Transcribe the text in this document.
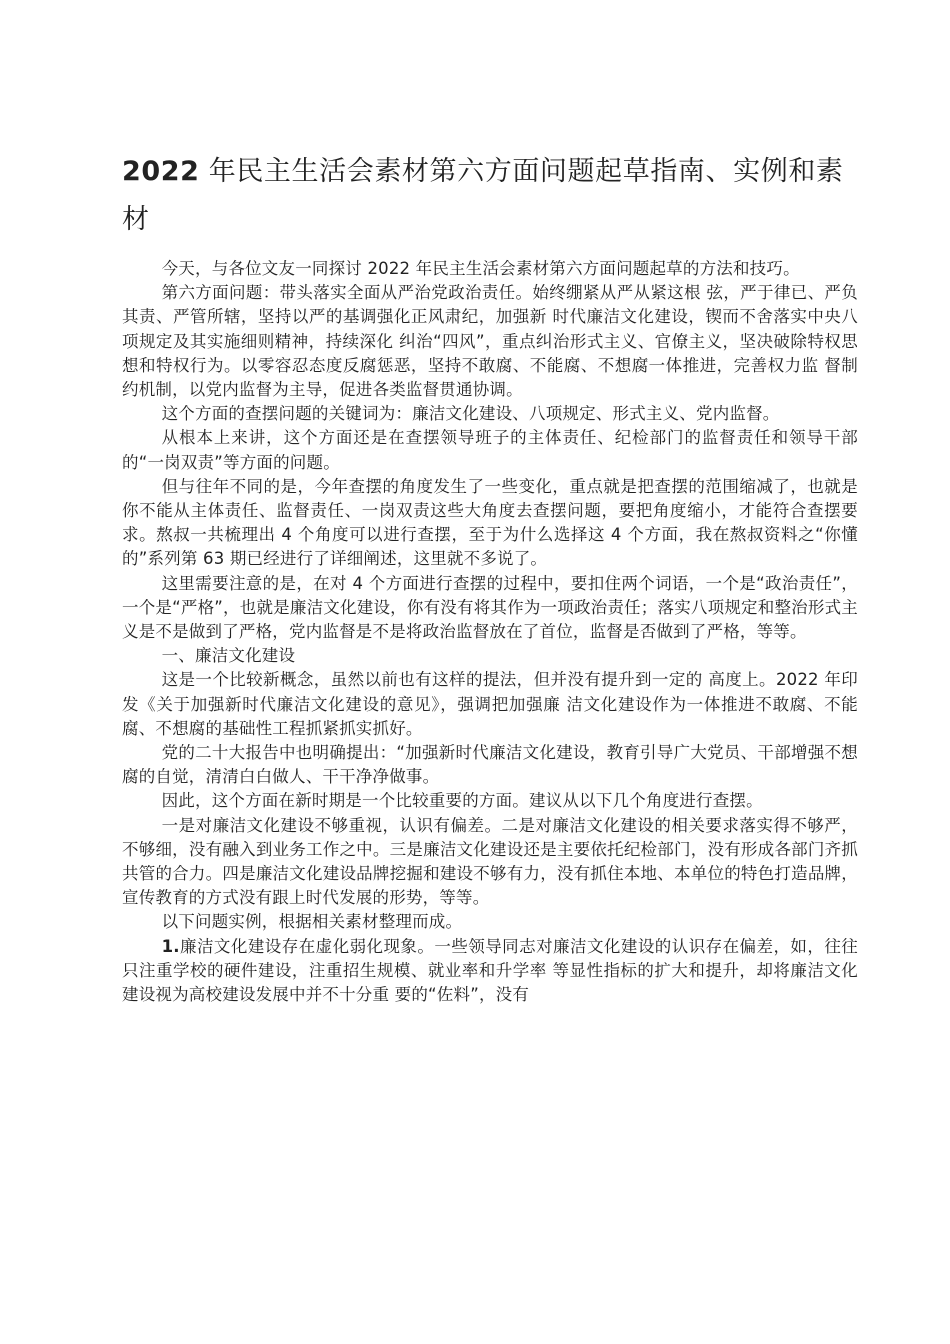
2022 年民主生活会素材第六方面问题起草指南、实例和素材

今天，与各位文友一同探讨 2022 年民主生活会素材第六方面问题起草的方法和技巧。

第六方面问题：带头落实全面从严治党政治责任。始终绷紧从严从紧这根 弦，严于律已、严负其责、严管所辖，坚持以严的基调强化正风肃纪，加强新 时代廉洁文化建设，锲而不舍落实中央八项规定及其实施细则精神，持续深化 纠治“四风”，重点纠治形式主义、官僚主义，坚决破除特权思想和特权行为。以零容忍态度反腐惩恶，坚持不敢腐、不能腐、不想腐一体推进，完善权力监 督制约机制，以党内监督为主导，促进各类监督贯通协调。

这个方面的查摆问题的关键词为：廉洁文化建设、八项规定、形式主义、党内监督。

从根本上来讲，这个方面还是在查摆领导班子的主体责任、纪检部门的监督责任和领导干部的“一岗双责”等方面的问题。

但与往年不同的是，今年查摆的角度发生了一些变化，重点就是把查摆的范围缩减了，也就是你不能从主体责任、监督责任、一岗双责这些大角度去查摆问题，要把角度缩小，才能符合查摆要求。熬叔一共梳理出 4 个角度可以进行查摆，至于为什么选择这 4 个方面，我在熬叔资料之“你懂的”系列第 63 期已经进行了详细阐述，这里就不多说了。

这里需要注意的是，在对 4 个方面进行查摆的过程中，要扣住两个词语，一个是“政治责任”，一个是“严格”，也就是廉洁文化建设，你有没有将其作为一项政治责任；落实八项规定和整治形式主义是不是做到了严格，党内监督是不是将政治监督放在了首位，监督是否做到了严格，等等。

一、廉洁文化建设

这是一个比较新概念，虽然以前也有这样的提法，但并没有提升到一定的 高度上。2022 年印发《关于加强新时代廉洁文化建设的意见》，强调把加强廉 洁文化建设作为一体推进不敢腐、不能腐、不想腐的基础性工程抓紧抓实抓好。

党的二十大报告中也明确提出：“加强新时代廉洁文化建设，教育引导广大党员、干部增强不想腐的自觉，清清白白做人、干干净净做事。

因此，这个方面在新时期是一个比较重要的方面。建议从以下几个角度进行查摆。

一是对廉洁文化建设不够重视，认识有偏差。二是对廉洁文化建设的相关要求落实得不够严，不够细，没有融入到业务工作之中。三是廉洁文化建设还是主要依托纪检部门，没有形成各部门齐抓共管的合力。四是廉洁文化建设品牌挖掘和建设不够有力，没有抓住本地、本单位的特色打造品牌，宣传教育的方式没有跟上时代发展的形势，等等。

以下问题实例，根据相关素材整理而成。

1.廉洁文化建设存在虚化弱化现象。一些领导同志对廉洁文化建设的认识存在偏差，如，往往只注重学校的硬件建设，注重招生规模、就业率和升学率 等显性指标的扩大和提升，却将廉洁文化建设视为高校建设发展中并不十分重 要的“佐料”，没有
